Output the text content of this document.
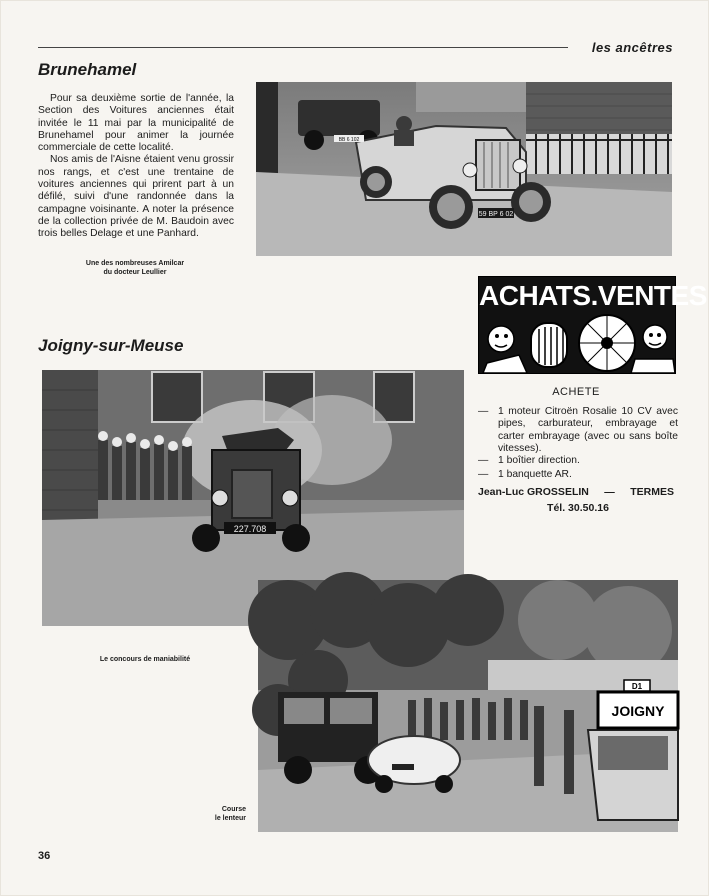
les ancêtres
Brunehamel

Pour sa deuxième sortie de l'année, la Section des Voitures anciennes était invitée le 11 mai par la municipalité de Brunehamel pour animer la journée commerciale de cette localité.

Nos amis de l'Aisne étaient venu grossir nos rangs, et c'est une trentaine de voitures anciennes qui prirent part à un défilé, suivi d'une randonnée dans la campagne voisinante. A noter la présence de la collection privée de M. Baudoin avec trois belles Delage et une Panhard.

Une des nombreuses Amilcar
du docteur Leullier
59 BP 6 02
BB 6 102
ACHATS.VENTES
Joigny-sur-Meuse
227.708
ACHETE
— 1 moteur Citroën Rosalie 10 CV avec pipes, carburateur, embrayage et carter embrayage (avec ou sans boîte vitesses).
— 1 boîtier direction.
— 1 banquette AR.
Jean-Luc GROSSELIN — TERMES
Tél. 30.50.16
JOIGNY
D1
Le concours de maniabilité
Course
le lenteur
36
